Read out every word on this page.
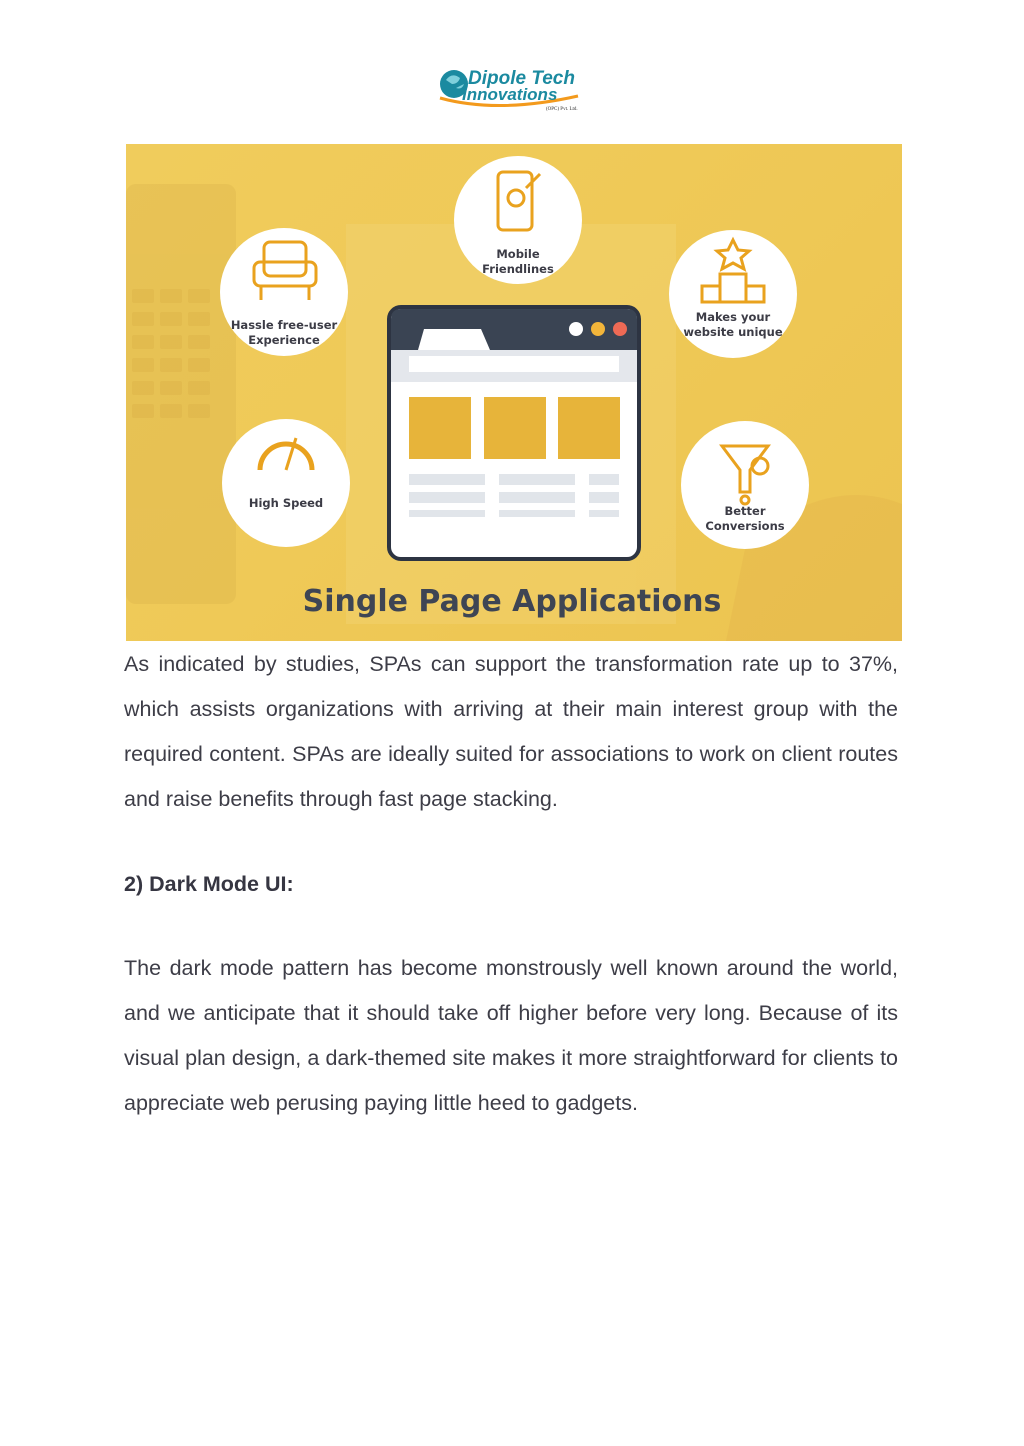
Dipole Tech
Innovations
(OPC) Pvt. Ltd.
Mobile
Friendlines
Hassle free-user
Experience
Makes your
website unique
High Speed
Better
Conversions
Single Page Applications

As indicated by studies, SPAs can support the transformation rate up to 37%, which assists organizations with arriving at their main interest group with the required content. SPAs are ideally suited for associations to work on client routes and raise benefits through fast page stacking.

2) Dark Mode UI:

The dark mode pattern has become monstrously well known around the world, and we anticipate that it should take off higher before very long. Because of its visual plan design, a dark-themed site makes it more straightforward for clients to appreciate web perusing paying little heed to gadgets.
